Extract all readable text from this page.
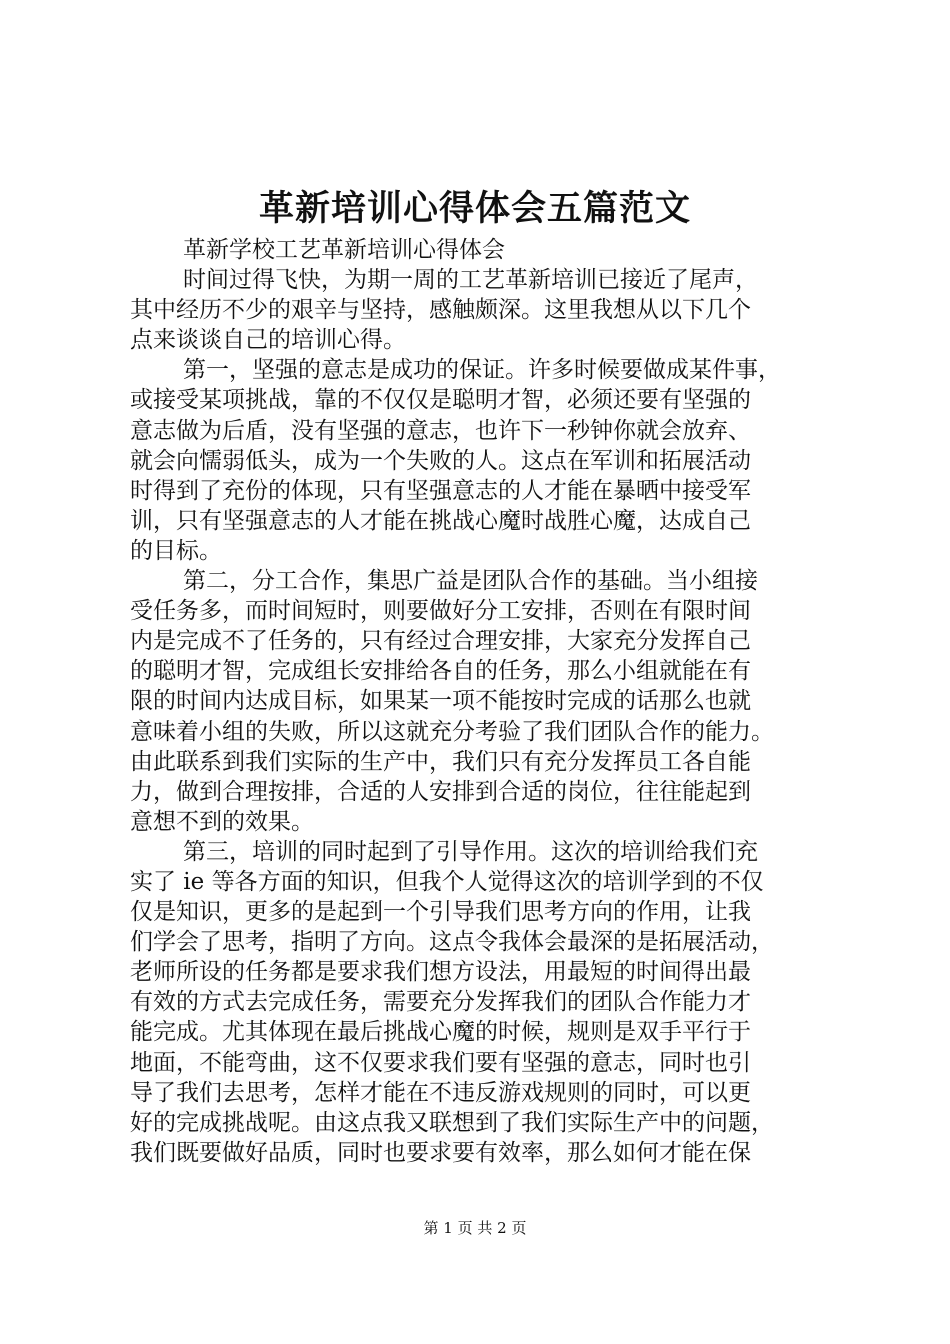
革新培训心得体会五篇范文
革新学校工艺革新培训心得体会
时间过得飞快，为期一周的工艺革新培训已接近了尾声，
其中经历不少的艰辛与坚持，感触颇深。这里我想从以下几个
点来谈谈自己的培训心得。
第一，坚强的意志是成功的保证。许多时候要做成某件事，
或接受某项挑战，靠的不仅仅是聪明才智，必须还要有坚强的
意志做为后盾，没有坚强的意志，也许下一秒钟你就会放弃、
就会向懦弱低头，成为一个失败的人。这点在军训和拓展活动
时得到了充份的体现，只有坚强意志的人才能在暴晒中接受军
训，只有坚强意志的人才能在挑战心魔时战胜心魔，达成自己
的目标。
第二，分工合作，集思广益是团队合作的基础。当小组接
受任务多，而时间短时，则要做好分工安排，否则在有限时间
内是完成不了任务的，只有经过合理安排，大家充分发挥自己
的聪明才智，完成组长安排给各自的任务，那么小组就能在有
限的时间内达成目标，如果某一项不能按时完成的话那么也就
意味着小组的失败，所以这就充分考验了我们团队合作的能力。
由此联系到我们实际的生产中，我们只有充分发挥员工各自能
力，做到合理按排，合适的人安排到合适的岗位，往往能起到
意想不到的效果。
第三，培训的同时起到了引导作用。这次的培训给我们充
实了 ie 等各方面的知识，但我个人觉得这次的培训学到的不仅
仅是知识，更多的是起到一个引导我们思考方向的作用，让我
们学会了思考，指明了方向。这点令我体会最深的是拓展活动，
老师所设的任务都是要求我们想方设法，用最短的时间得出最
有效的方式去完成任务，需要充分发挥我们的团队合作能力才
能完成。尤其体现在最后挑战心魔的时候，规则是双手平行于
地面，不能弯曲，这不仅要求我们要有坚强的意志，同时也引
导了我们去思考，怎样才能在不违反游戏规则的同时，可以更
好的完成挑战呢。由这点我又联想到了我们实际生产中的问题，
我们既要做好品质，同时也要求要有效率，那么如何才能在保
第 1 页 共 2 页
